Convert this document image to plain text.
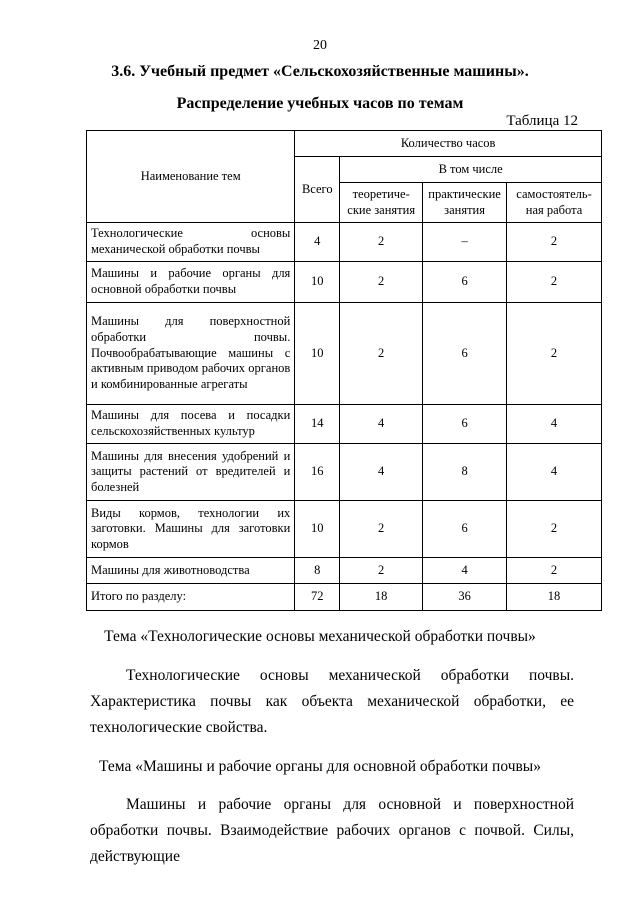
20
3.6. Учебный предмет «Сельскохозяйственные машины».
Распределение учебных часов по темам
Таблица 12
Наименование тем	Количество часов			
	Всего	В том числе		
		теоретиче-ские занятия	практические занятия	самостоятель-ная работа
Технологические основы механической обработки почвы	4	2	–	2
Машины и рабочие органы для основной обработки почвы	10	2	6	2
Машины для поверхностной обработки почвы. Почвообрабатывающие машины с активным приводом рабочих органов и комбинированные агрегаты	10	2	6	2
Машины для посева и посадки сельскохозяйственных культур	14	4	6	4
Машины для внесения удобрений и защиты растений от вредителей и болезней	16	4	8	4
Виды кормов, технологии их заготовки. Машины для заготовки кормов	10	2	6	2
Машины для животноводства	8	2	4	2
Итого по разделу:	72	18	36	18
Тема «Технологические основы механической обработки почвы»
Технологические основы механической обработки почвы. Характеристика почвы как объекта механической обработки, ее технологические свойства.
Тема «Машины и рабочие органы для основной обработки почвы»
Машины и рабочие органы для основной и поверхностной обработки почвы. Взаимодействие рабочих органов с почвой. Силы, действующие
